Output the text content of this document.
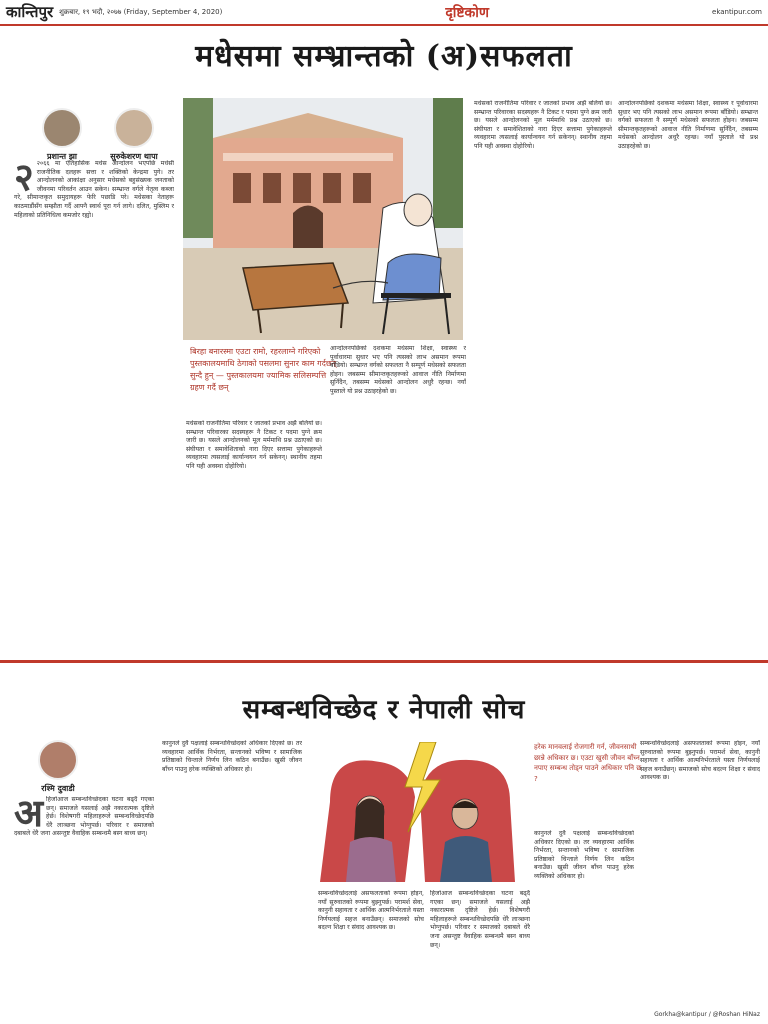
कान्तिपुर शुक्रबार, १९ भदौ, २०७७ (Friday, September 4, 2020)	दृष्टिकोण	ekantipur.com
मधेसमा सम्भ्रान्तको (अ)सफलता
प्रशान्त झा	सुरुकेशरण थापा
२ २०६६ मा ऐतिहासिक मधेस आन्दोलन भएपछि मधेसी राजनीतिक दलहरू सत्ता र शक्तिको केन्द्रमा पुगे। तर आन्दोलनको आकांक्षा अनुसार मधेसको बहुसंख्यक जनताको जीवनमा परिवर्तन आउन सकेन। सम्भ्रान्त वर्गले नेतृत्व कब्जा गरे, सीमान्तकृत समुदायहरू फेरि पछाडि परे। मधेसका नेताहरू काठमाडौंसँग सम्झौता गर्दै आफ्नै स्वार्थ पूरा गर्न लागे। दलित, मुस्लिम र महिलाको प्रतिनिधित्व कमजोर रह्यो।

बिरहा बनारस्मा एउटा रामो, रहरलाग्ने गरिएको पुस्तकालयमाथि ठेगाको पसलमा सुनार काम गर्दछन् सुन्दै हुन् — पुस्तकालयमा ज्यामिक सलिसम्पत्ति ग्रहण गर्दै छन्

मधेसको राजनीतिमा परिवार र जातको प्रभाव अझै बलियो छ। सम्भ्रान्त परिवारका सदस्यहरू नै टिकट र पदमा पुग्ने क्रम जारी छ। यसले आन्दोलनको मूल मर्ममाथि प्रश्न उठाएको छ। संघीयता र समावेशिताको नारा दिएर सत्तामा पुगेकाहरूले व्यवहारमा त्यसलाई कार्यान्वयन गर्न सकेनन्। स्थानीय तहमा पनि यही अवस्था दोहोरियो।

आन्दोलनपछिको दशकमा मधेसमा शिक्षा, स्वास्थ्य र पूर्वाधारमा सुधार भए पनि त्यसको लाभ असमान रूपमा बाँडियो। सम्भ्रान्त वर्गको सफलता नै सम्पूर्ण मधेसको सफलता होइन। जबसम्म सीमान्तकृतहरूको आवाज नीति निर्माणमा सुनिँदैन, तबसम्म मधेसको आन्दोलन अधुरै रहन्छ। नयाँ पुस्ताले यो प्रश्न उठाइरहेको छ।

मधेसको राजनीतिमा परिवार र जातको प्रभाव अझै बलियो छ। सम्भ्रान्त परिवारका सदस्यहरू नै टिकट र पदमा पुग्ने क्रम जारी छ। यसले आन्दोलनको मूल मर्ममाथि प्रश्न उठाएको छ। संघीयता र समावेशिताको नारा दिएर सत्तामा पुगेकाहरूले व्यवहारमा त्यसलाई कार्यान्वयन गर्न सकेनन्। स्थानीय तहमा पनि यही अवस्था दोहोरियो।

आन्दोलनपछिको दशकमा मधेसमा शिक्षा, स्वास्थ्य र पूर्वाधारमा सुधार भए पनि त्यसको लाभ असमान रूपमा बाँडियो। सम्भ्रान्त वर्गको सफलता नै सम्पूर्ण मधेसको सफलता होइन। जबसम्म सीमान्तकृतहरूको आवाज नीति निर्माणमा सुनिँदैन, तबसम्म मधेसको आन्दोलन अधुरै रहन्छ। नयाँ पुस्ताले यो प्रश्न उठाइरहेको छ।

सम्बन्धविच्छेद र नेपाली सोच
रश्मि दुवाडी
अ हिजोआज सम्बन्धविच्छेदका घटना बढ्दै गएका छन्। समाजले यसलाई अझै नकारात्मक दृष्टिले हेर्छ। विशेषगरी महिलाहरूले सम्बन्धविच्छेदपछि धेरै लाञ्छना भोग्नुपर्छ। परिवार र समाजको दबाबले धेरै जना असन्तुष्ट वैवाहिक सम्बन्धमै बस्न बाध्य छन्।

कानुनले दुवै पक्षलाई सम्बन्धविच्छेदको अधिकार दिएको छ। तर व्यवहारमा आर्थिक निर्भरता, सन्तानको भविष्य र सामाजिक प्रतिष्ठाको चिन्ताले निर्णय लिन कठिन बनाउँछ। खुसी जीवन बाँच्न पाउनु हरेक व्यक्तिको अधिकार हो।

हरेक मानवलाई रोजगारी गर्न, जीवनसाथी छान्ने अधिकार छ। एउटा खुसी जीवन बाँच्न नपाए सम्बन्ध तोड्न पाउने अधिकार पनि छ ?

सम्बन्धविच्छेदलाई असफलताको रूपमा होइन, नयाँ सुरुवातको रूपमा बुझ्नुपर्छ। परामर्श सेवा, कानुनी सहायता र आर्थिक आत्मनिर्भरताले यस्ता निर्णयलाई सहज बनाउँछन्। समाजको सोच बदल्न शिक्षा र संवाद आवश्यक छ।

हिजोआज सम्बन्धविच्छेदका घटना बढ्दै गएका छन्। समाजले यसलाई अझै नकारात्मक दृष्टिले हेर्छ। विशेषगरी महिलाहरूले सम्बन्धविच्छेदपछि धेरै लाञ्छना भोग्नुपर्छ। परिवार र समाजको दबाबले धेरै जना असन्तुष्ट वैवाहिक सम्बन्धमै बस्न बाध्य छन्।

कानुनले दुवै पक्षलाई सम्बन्धविच्छेदको अधिकार दिएको छ। तर व्यवहारमा आर्थिक निर्भरता, सन्तानको भविष्य र सामाजिक प्रतिष्ठाको चिन्ताले निर्णय लिन कठिन बनाउँछ। खुसी जीवन बाँच्न पाउनु हरेक व्यक्तिको अधिकार हो।

सम्बन्धविच्छेदलाई असफलताको रूपमा होइन, नयाँ सुरुवातको रूपमा बुझ्नुपर्छ। परामर्श सेवा, कानुनी सहायता र आर्थिक आत्मनिर्भरताले यस्ता निर्णयलाई सहज बनाउँछन्। समाजको सोच बदल्न शिक्षा र संवाद आवश्यक छ।

Gorkha@kantipur / @Roshan HiNaz
